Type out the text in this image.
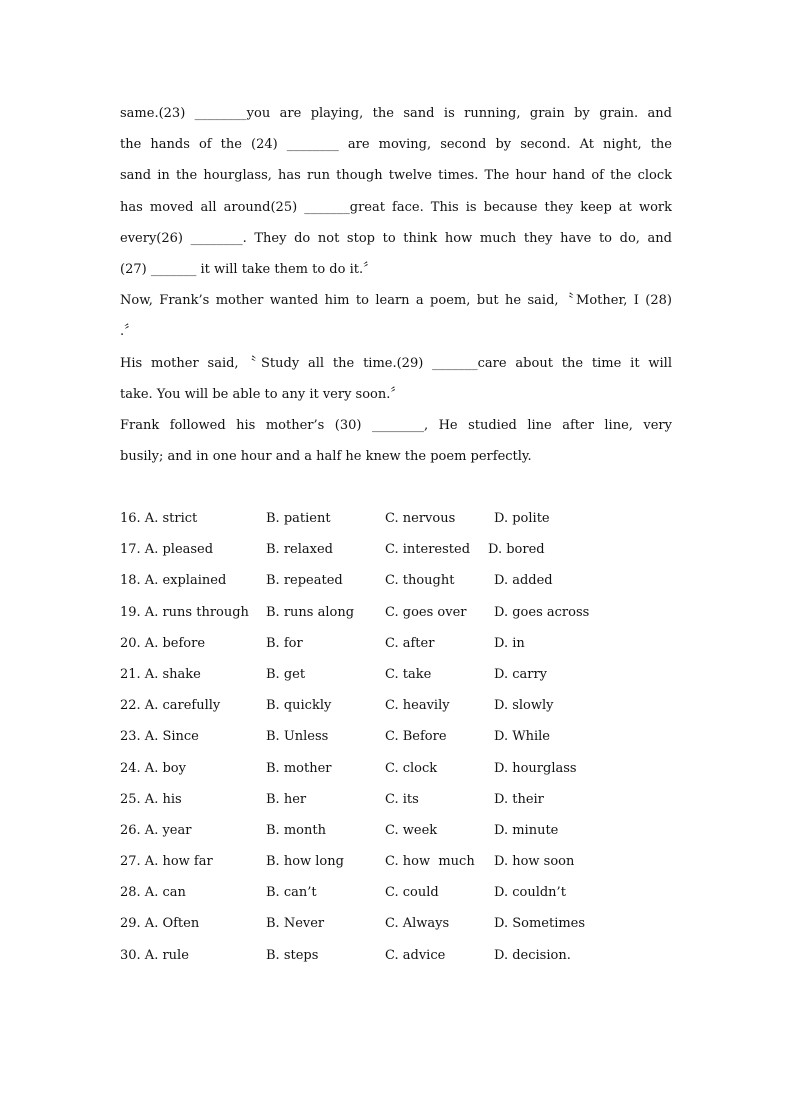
same.(23) ________you are playing, the sand is running, grain by grain. and
the hands of the (24) ________ are moving, second by second. At night, the
sand in the hourglass, has run though twelve times. The hour hand of the clock
has moved all around(25) _______great face. This is because they keep at work
every(26) ________. They do not stop to think how much they have to do, and
(27) _______ it will take them to do it.〞
Now, Frank’s mother wanted him to learn a poem, but he said,〝Mother, I (28)
.〞
His mother said,〝Study all the time.(29) _______care about the time it will
take. You will be able to any it very soon.〞
Frank followed his mother’s (30) ________, He studied line after line, very
busily; and in one hour and a half he knew the poem perfectly.
16. A. strict	B. patient	C. nervous	D. polite
17. A. pleased	B. relaxed	C. interested D. bored
18. A. explained	B. repeated	C. thought	D. added
19. A. runs through B. runs along C. goes over D. goes across
20. A. before	B. for	C. after	D. in
21. A. shake	B. get	C. take	D. carry
22. A. carefully	B. quickly	C. heavily	D. slowly
23. A. Since	B. Unless	C. Before	D. While
24. A. boy	B. mother	C. clock	D. hourglass
25. A. his	B. her	C. its	D. their
26. A. year	B. month	C. week	D. minute
27. A. how far	B. how long	C. how  much D. how soon
28. A. can	B. can’t	C. could	D. couldn’t
29. A. Often	B. Never	C. Always	D. Sometimes
30. A. rule	B. steps	C. advice	D. decision.
